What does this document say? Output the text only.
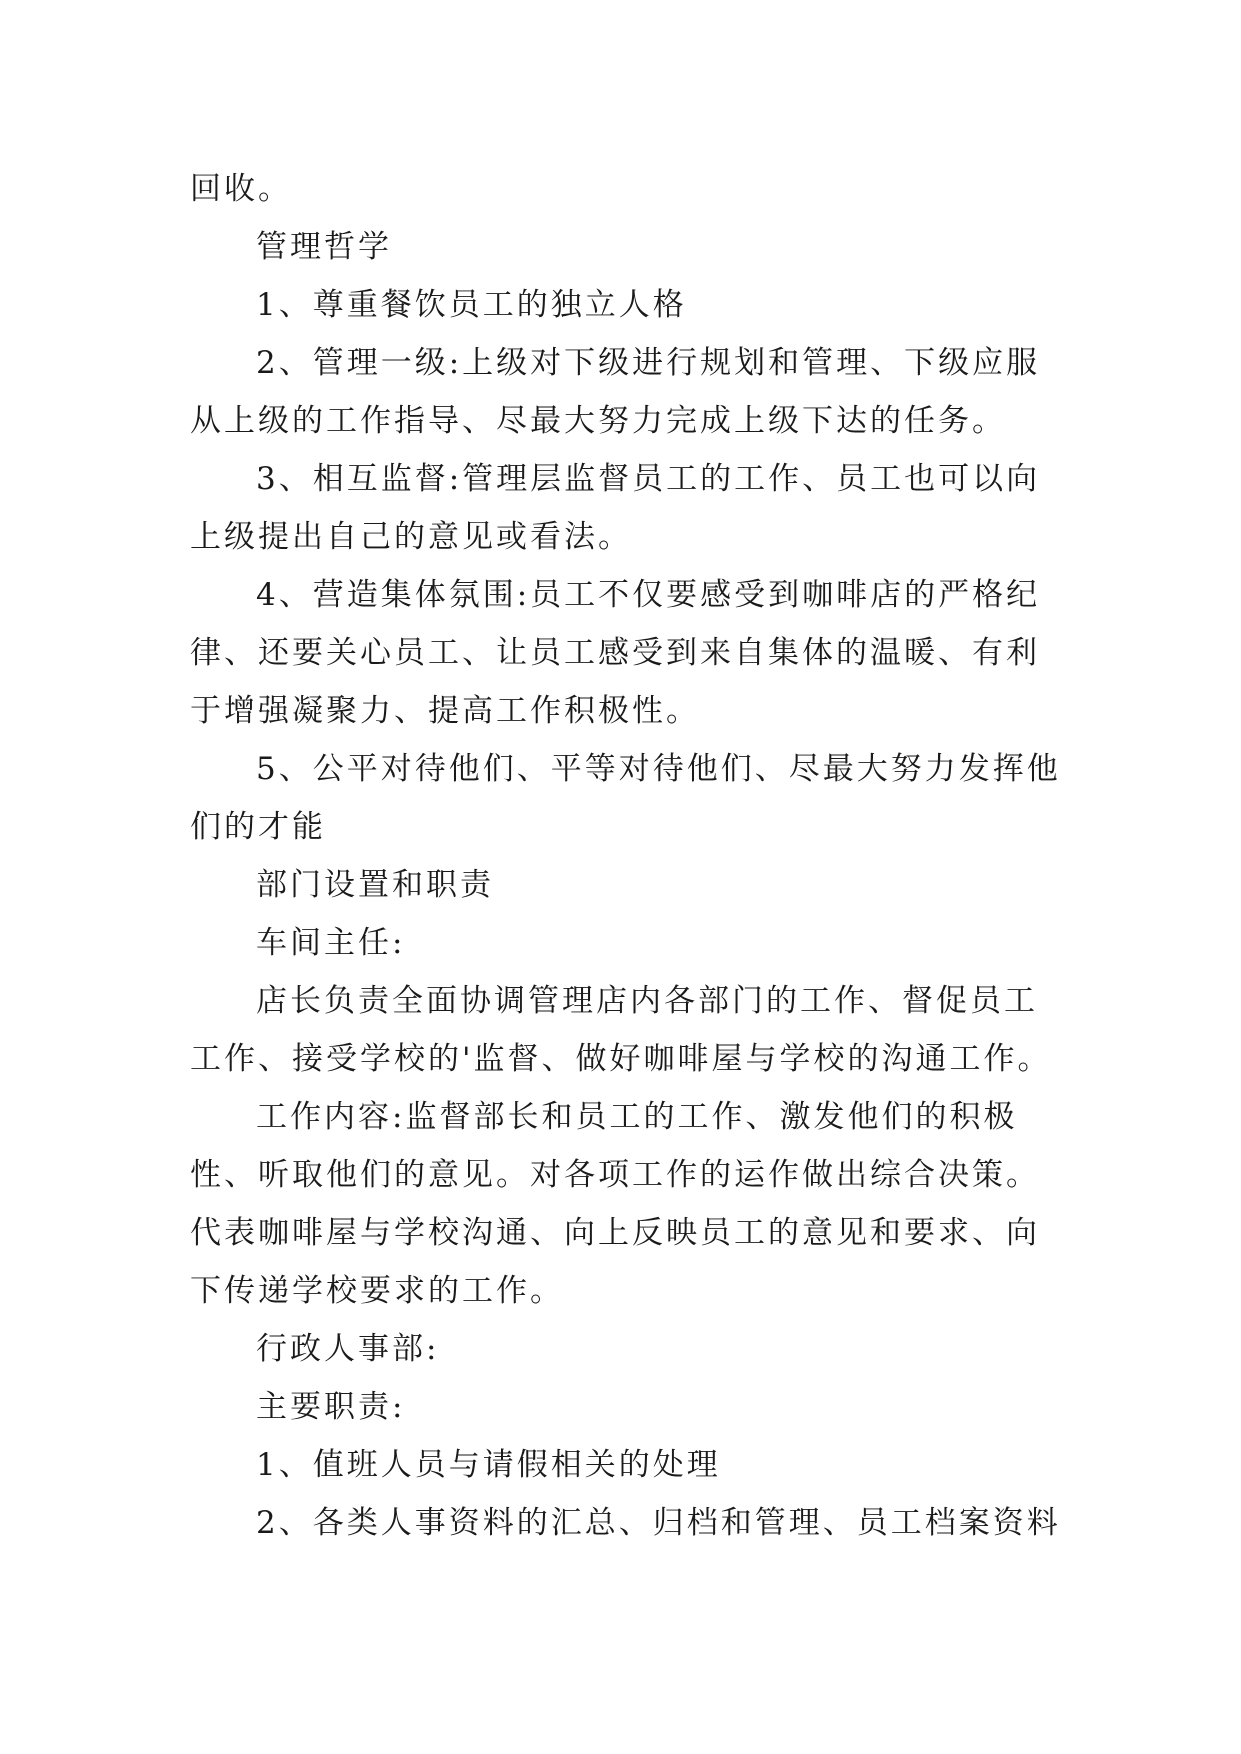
回收。

管理哲学

1、尊重餐饮员工的独立人格

2、管理一级:上级对下级进行规划和管理、下级应服从上级的工作指导、尽最大努力完成上级下达的任务。

3、相互监督:管理层监督员工的工作、员工也可以向上级提出自己的意见或看法。

4、营造集体氛围:员工不仅要感受到咖啡店的严格纪律、还要关心员工、让员工感受到来自集体的温暖、有利于增强凝聚力、提高工作积极性。

5、公平对待他们、平等对待他们、尽最大努力发挥他们的才能

部门设置和职责

车间主任:

店长负责全面协调管理店内各部门的工作、督促员工工作、接受学校的'监督、做好咖啡屋与学校的沟通工作。

工作内容:监督部长和员工的工作、激发他们的积极性、听取他们的意见。对各项工作的运作做出综合决策。代表咖啡屋与学校沟通、向上反映员工的意见和要求、向下传递学校要求的工作。

行政人事部:

主要职责:

1、值班人员与请假相关的处理

2、各类人事资料的汇总、归档和管理、员工档案资料
